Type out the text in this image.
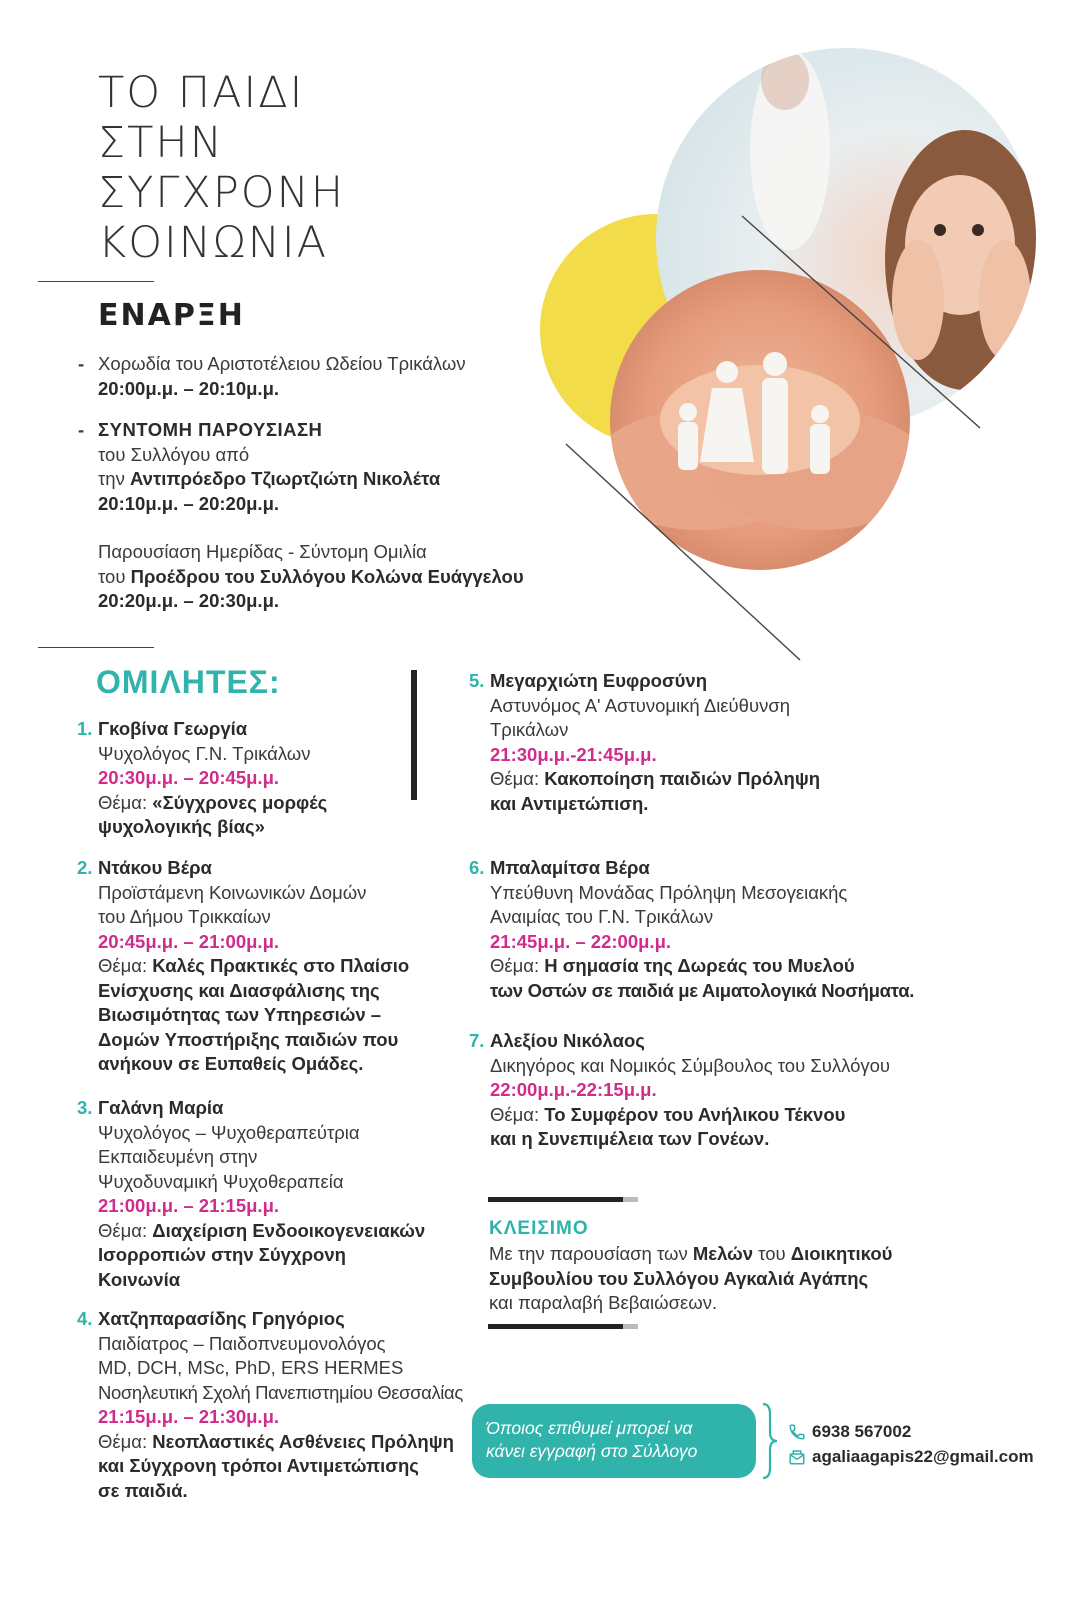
ΤΟ ΠΑΙΔΙ
ΣΤΗΝ
ΣΥΓΧΡΟΝΗ
ΚΟΙΝΩΝΙΑ
ΕΝΑΡΞΗ
- Χορωδία του Αριστοτέλειου Ωδείου Τρικάλων
20:00μ.μ. – 20:10μ.μ.
- ΣΥΝΤΟΜΗ ΠΑΡΟΥΣΙΑΣΗ
του Συλλόγου από
την Αντιπρόεδρο Τζιωρτζιώτη Νικολέτα
20:10μ.μ. – 20:20μ.μ.
Παρουσίαση Ημερίδας - Σύντομη Ομιλία
του Προέδρου του Συλλόγου Κολώνα Ευάγγελου
20:20μ.μ. – 20:30μ.μ.
ΟΜΙΛΗΤΕΣ:
1. Γκοβίνα Γεωργία
Ψυχολόγος Γ.Ν. Τρικάλων
20:30μ.μ. – 20:45μ.μ.
Θέμα: «Σύγχρονες μορφές
ψυχολογικής βίας»
2. Ντάκου Βέρα
Προϊστάμενη Κοινωνικών Δομών
του Δήμου Τρικκαίων
20:45μ.μ. – 21:00μ.μ.
Θέμα: Καλές Πρακτικές στο Πλαίσιο
Ενίσχυσης και Διασφάλισης της
Βιωσιμότητας των Υπηρεσιών –
Δομών Υποστήριξης παιδιών που
ανήκουν σε Ευπαθείς Ομάδες.
3. Γαλάνη Μαρία
Ψυχολόγος – Ψυχοθεραπεύτρια
Εκπαιδευμένη στην
Ψυχοδυναμική Ψυχοθεραπεία
21:00μ.μ. – 21:15μ.μ.
Θέμα: Διαχείριση Ενδοοικογενειακών
Ισορροπιών στην Σύγχρονη
Κοινωνία
4. Χατζηπαρασίδης Γρηγόριος
Παιδίατρος – Παιδοπνευμονολόγος
MD, DCH, MSc, PhD, ERS HERMES
Νοσηλευτική Σχολή Πανεπιστημίου Θεσσαλίας
21:15μ.μ. – 21:30μ.μ.
Θέμα: Νεοπλαστικές Ασθένειες Πρόληψη
και Σύγχρονη τρόποι Αντιμετώπισης
σε παιδιά.
5. Μεγαρχιώτη Ευφροσύνη
Αστυνόμος Α' Αστυνομική Διεύθυνση
Τρικάλων
21:30μ.μ.-21:45μ.μ.
Θέμα: Κακοποίηση παιδιών Πρόληψη
και Αντιμετώπιση.
6. Μπαλαμίτσα Βέρα
Υπεύθυνη Μονάδας Πρόληψη Μεσογειακής
Αναιμίας του Γ.Ν. Τρικάλων
21:45μ.μ. – 22:00μ.μ.
Θέμα: Η σημασία της Δωρεάς του Μυελού
των Οστών σε παιδιά με Αιματολογικά Νοσήματα.
7. Αλεξίου Νικόλαος
Δικηγόρος και Νομικός Σύμβουλος του Συλλόγου
22:00μ.μ.-22:15μ.μ.
Θέμα: Το Συμφέρον του Ανήλικου Τέκνου
και η Συνεπιμέλεια των Γονέων.
ΚΛΕΙΣΙΜΟ
Με την παρουσίαση των Μελών του Διοικητικού
Συμβουλίου του Συλλόγου Αγκαλιά Αγάπης
και παραλαβή Βεβαιώσεων.
Όποιος επιθυμεί μπορεί να
κάνει εγγραφή στο Σύλλογο
6938 567002
agaliaagapis22@gmail.com
